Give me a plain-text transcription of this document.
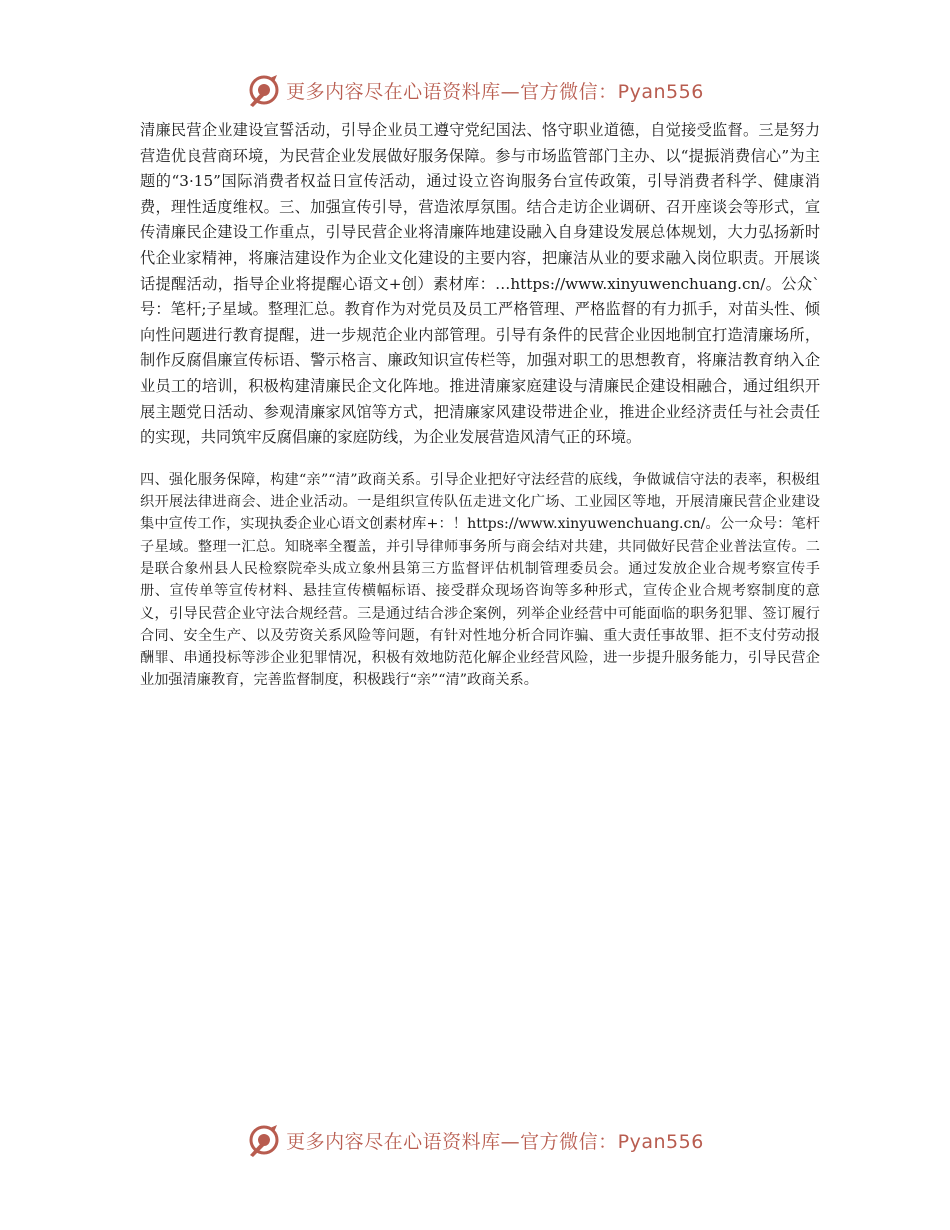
更多内容尽在心语资料库—官方微信：Pyan556

清廉民营企业建设宣誓活动，引导企业员工遵守党纪国法、恪守职业道德，自觉接受监督。三是努力营造优良营商环境，为民营企业发展做好服务保障。参与市场监管部门主办、以“提振消费信心”为主题的“3·15”国际消费者权益日宣传活动，通过设立咨询服务台宣传政策，引导消费者科学、健康消费，理性适度维权。三、加强宣传引导，营造浓厚氛围。结合走访企业调研、召开座谈会等形式，宣传清廉民企建设工作重点，引导民营企业将清廉阵地建设融入自身建设发展总体规划，大力弘扬新时代企业家精神，将廉洁建设作为企业文化建设的主要内容，把廉洁从业的要求融入岗位职责。开展谈话提醒活动，指导企业将提醒心语文+创）素材库：…https://www.xinyuwenchuang.cn/。公众`号：笔杆;子星域。整理汇总。教育作为对党员及员工严格管理、严格监督的有力抓手，对苗头性、倾向性问题进行教育提醒，进一步规范企业内部管理。引导有条件的民营企业因地制宜打造清廉场所，制作反腐倡廉宣传标语、警示格言、廉政知识宣传栏等，加强对职工的思想教育，将廉洁教育纳入企业员工的培训，积极构建清廉民企文化阵地。推进清廉家庭建设与清廉民企建设相融合，通过组织开展主题党日活动、参观清廉家风馆等方式，把清廉家风建设带进企业，推进企业经济责任与社会责任的实现，共同筑牢反腐倡廉的家庭防线，为企业发展营造风清气正的环境。

四、强化服务保障，构建“亲”“清”政商关系。引导企业把好守法经营的底线，争做诚信守法的表率，积极组织开展法律进商会、进企业活动。一是组织宣传队伍走进文化广场、工业园区等地，开展清廉民营企业建设集中宣传工作，实现执委企业心语文创素材库+：！https://www.xinyuwenchuang.cn/。公一众号：笔杆子星域。整理一汇总。知晓率全覆盖，并引导律师事务所与商会结对共建，共同做好民营企业普法宣传。二是联合象州县人民检察院牵头成立象州县第三方监督评估机制管理委员会。通过发放企业合规考察宣传手册、宣传单等宣传材料、悬挂宣传横幅标语、接受群众现场咨询等多种形式，宣传企业合规考察制度的意义，引导民营企业守法合规经营。三是通过结合涉企案例，列举企业经营中可能面临的职务犯罪、签订履行合同、安全生产、以及劳资关系风险等问题，有针对性地分析合同诈骗、重大责任事故罪、拒不支付劳动报酬罪、串通投标等涉企业犯罪情况，积极有效地防范化解企业经营风险，进一步提升服务能力，引导民营企业加强清廉教育，完善监督制度，积极践行“亲”“清”政商关系。

更多内容尽在心语资料库—官方微信：Pyan556
